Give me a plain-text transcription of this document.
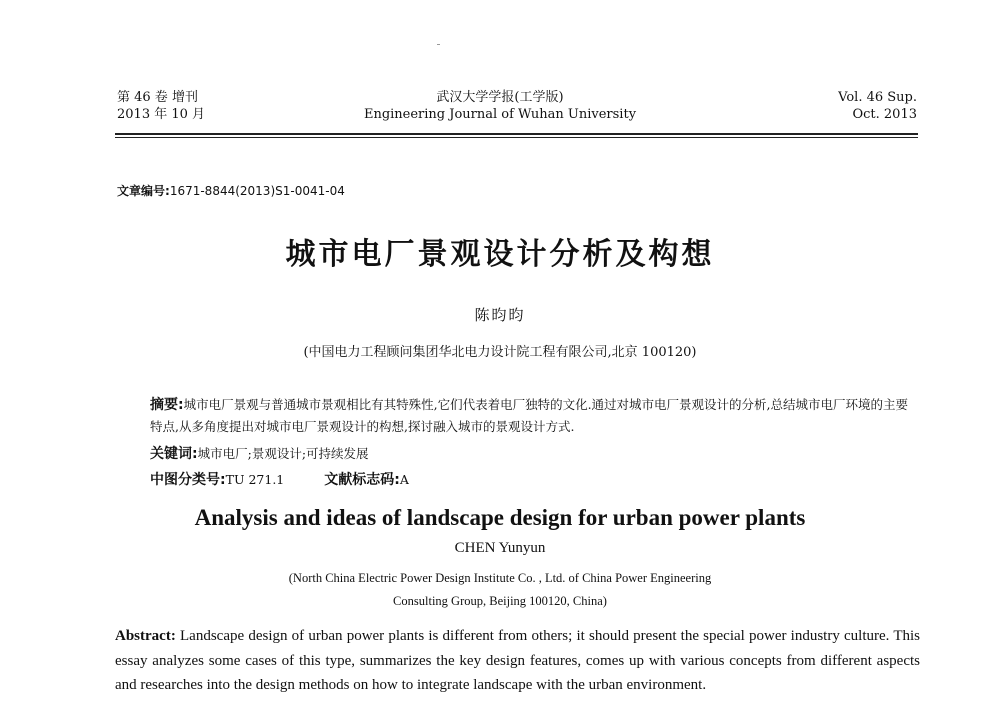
第 46 卷 增刊
2013 年 10 月
武汉大学学报(工学版)
Engineering Journal of Wuhan University
Vol. 46 Sup.
Oct. 2013
文章编号:1671-8844(2013)S1-0041-04
城市电厂景观设计分析及构想
陈昀昀
(中国电力工程顾问集团华北电力设计院工程有限公司,北京 100120)
摘要:城市电厂景观与普通城市景观相比有其特殊性,它们代表着电厂独特的文化.通过对城市电厂景观设计的分析,总结城市电厂环境的主要特点,从多角度提出对城市电厂景观设计的构想,探讨融入城市的景观设计方式.
关键词:城市电厂;景观设计;可持续发展
中图分类号:TU 271.1	文献标志码:A
Analysis and ideas of landscape design for urban power plants
CHEN Yunyun
(North China Electric Power Design Institute Co. , Ltd. of China Power Engineering
Consulting Group, Beijing 100120, China)
Abstract: Landscape design of urban power plants is different from others; it should present the special power industry culture. This essay analyzes some cases of this type, summarizes the key design features, comes up with various concepts from different aspects and researches into the design methods on how to integrate landscape with the urban environment.
